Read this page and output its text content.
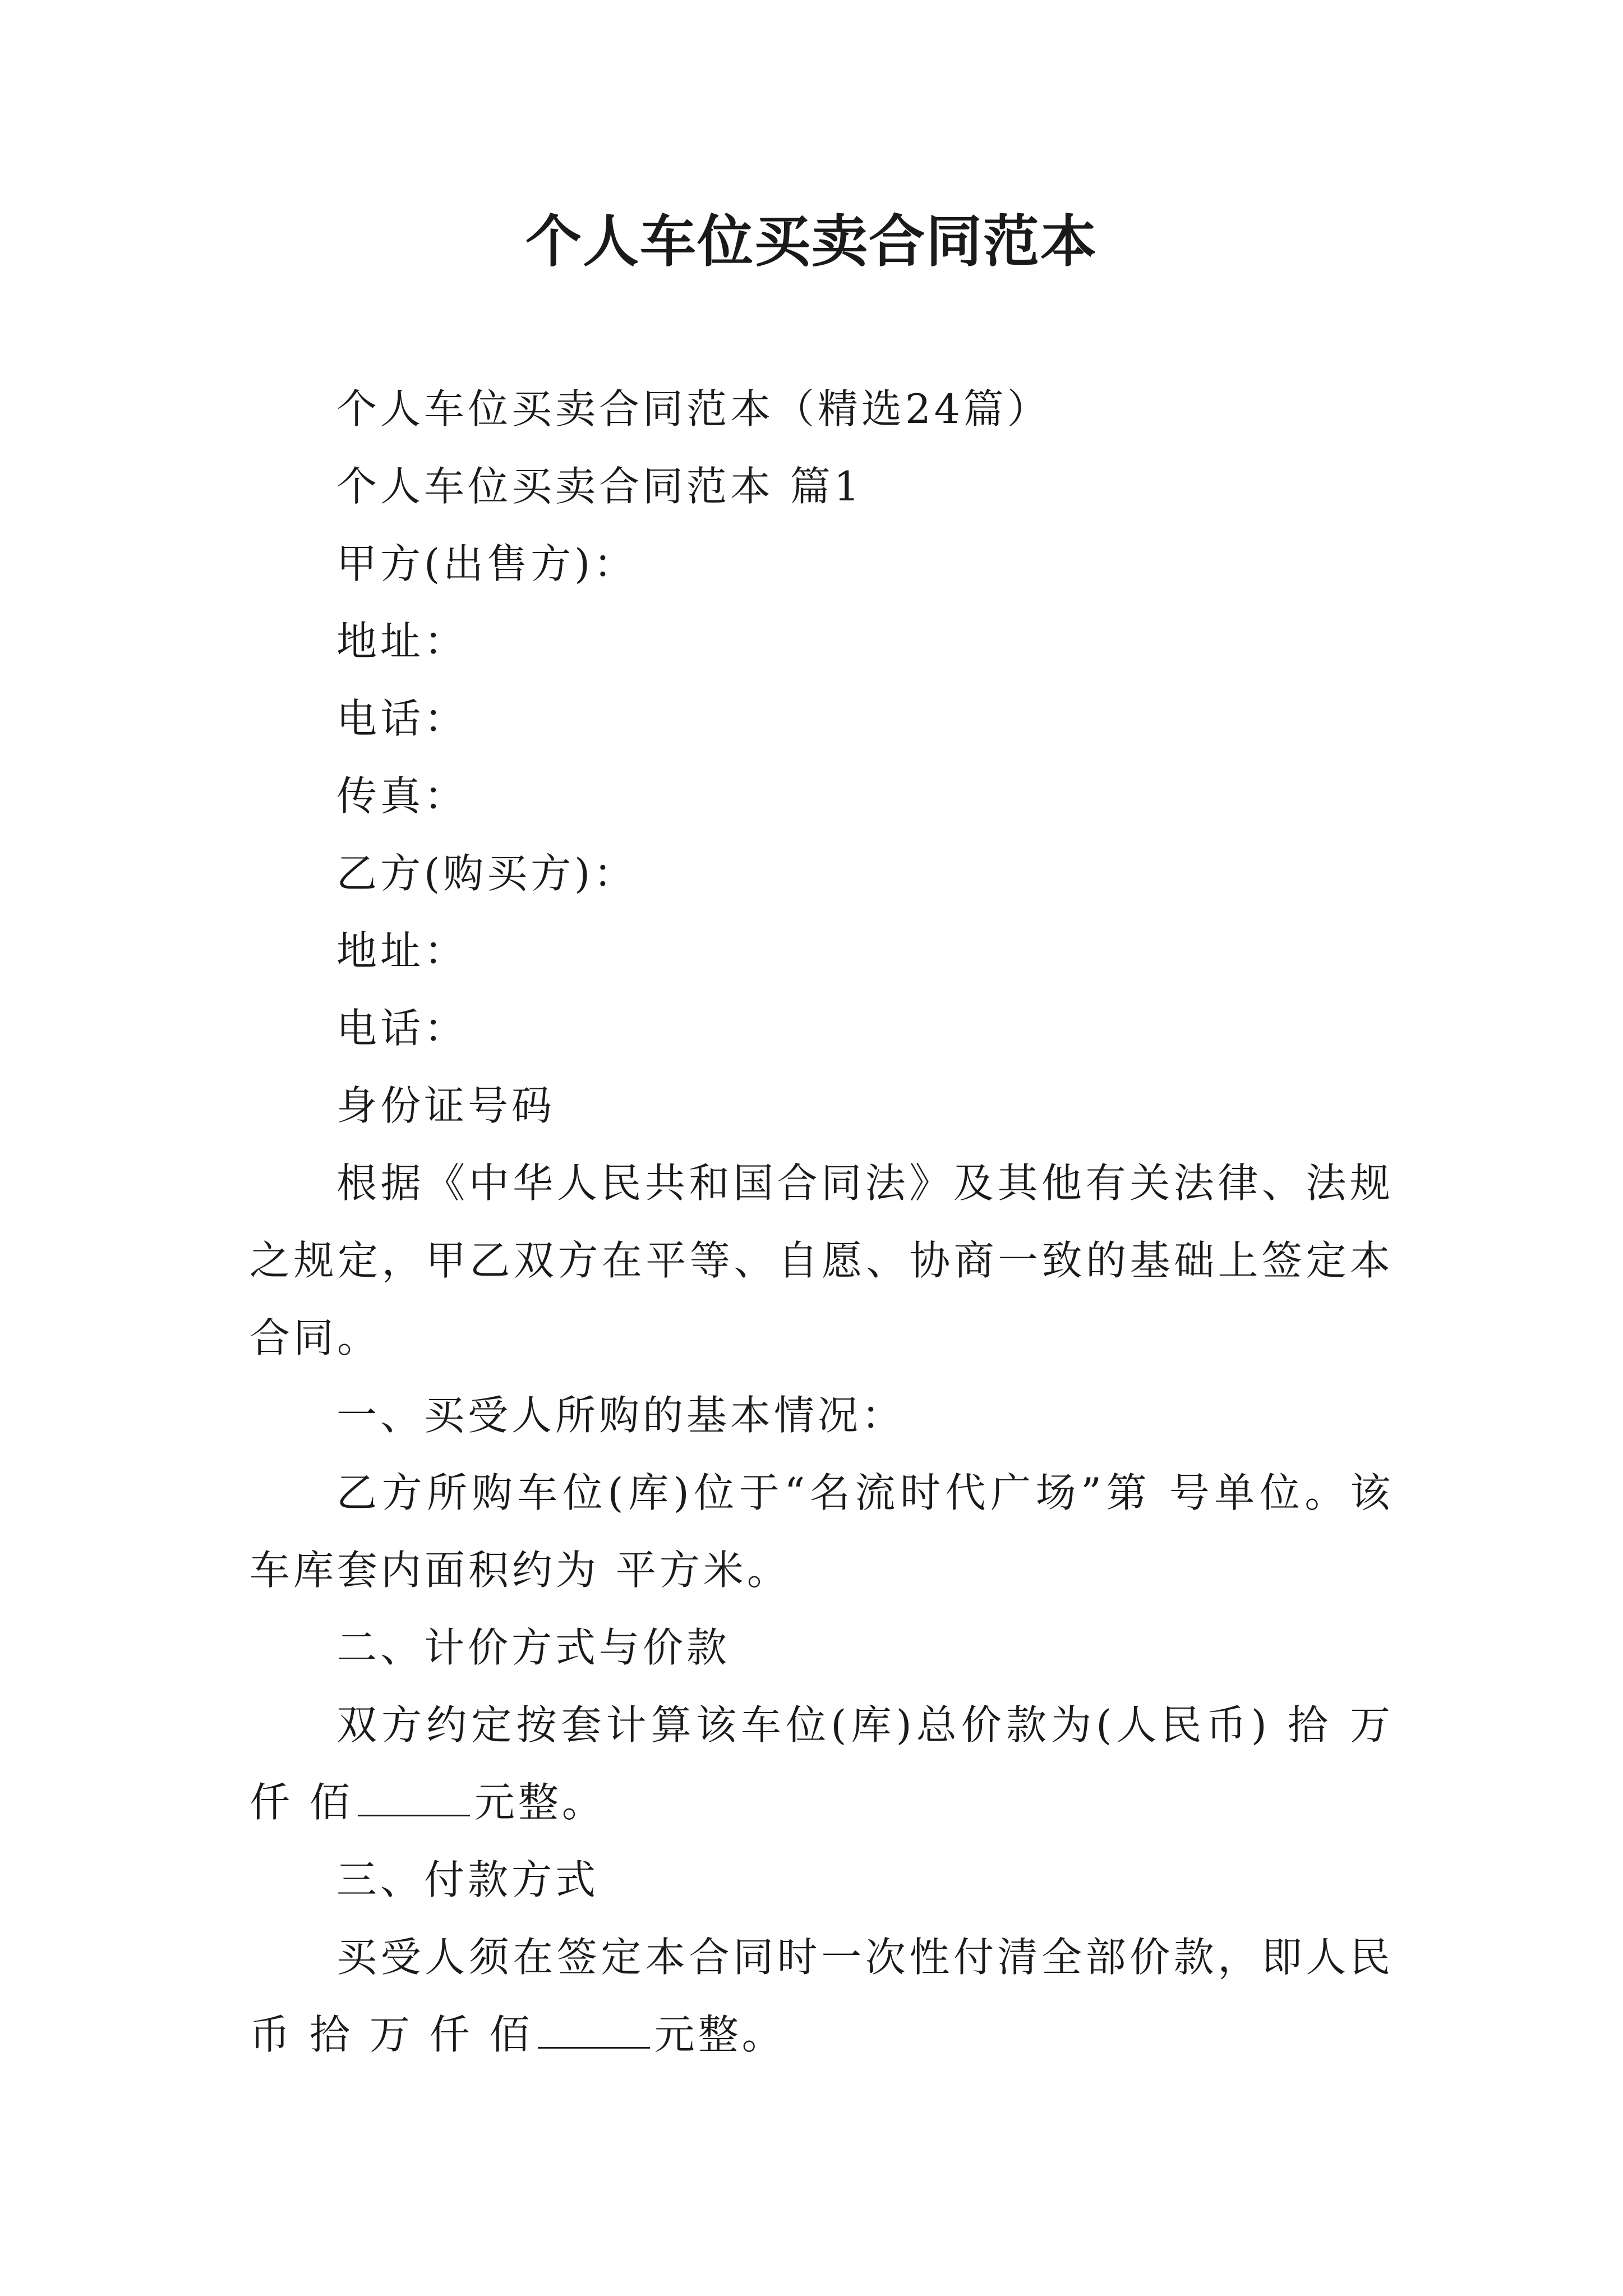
个人车位买卖合同范本

个人车位买卖合同范本（精选24篇）

个人车位买卖合同范本 篇1

甲方(出售方)：

地址：

电话：

传真：

乙方(购买方)：

地址：

电话：

身份证号码

根据《中华人民共和国合同法》及其他有关法律、法规之规定，甲乙双方在平等、自愿、协商一致的基础上签定本合同。

一、买受人所购的基本情况：

乙方所购车位(库)位于“名流时代广场”第 号单位。该车库套内面积约为 平方米。

二、计价方式与价款

双方约定按套计算该车位(库)总价款为(人民币) 拾 万 仟 佰	元整。

三、付款方式

买受人须在签定本合同时一次性付清全部价款，即人民币 拾 万 仟 佰	元整。
